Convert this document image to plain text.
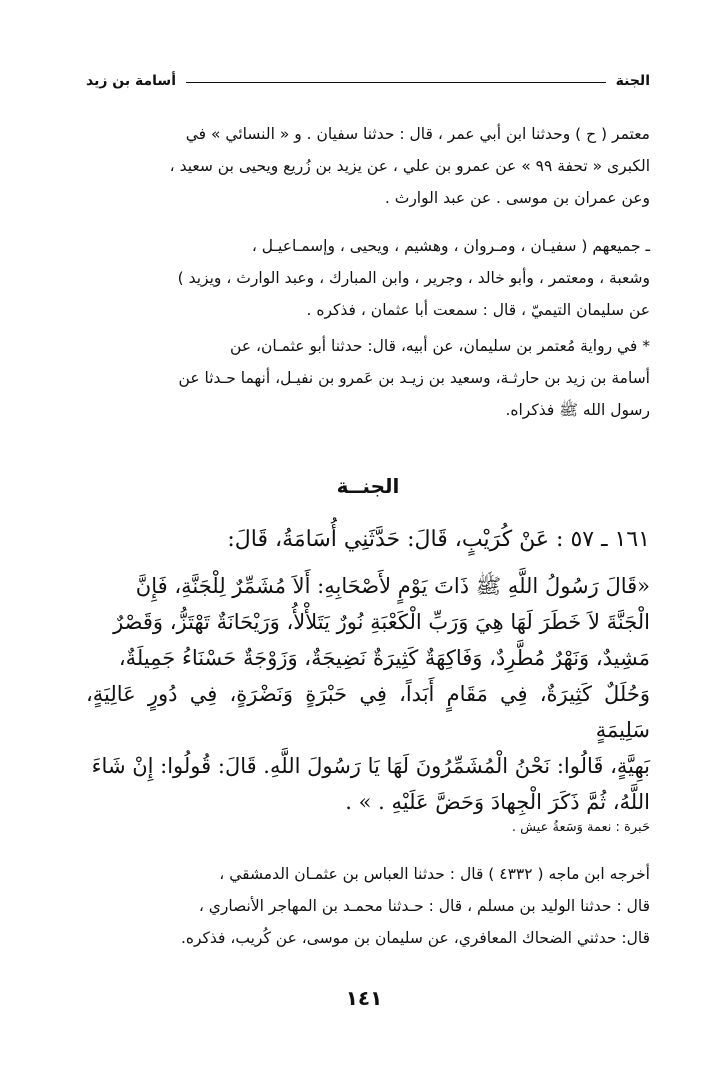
الجنة
أسامة بن زيد

معتمر ( ح ) وحدثنا ابن أبي عمر ، قال : حدثنا سفيان . و « النسائي » في

الكبرى « تحفة ٩٩ » عن عمرو بن علي ، عن يزيد بن زُريع ويحيى بن سعيد ،

وعن عمران بن موسى . عن عبد الوارث .

ـ جميعهم ( سفيـان ، ومـروان ، وهشيم ، ويحيى ، وإسمـاعيـل ،

وشعبة ، ومعتمر ، وأبو خالد ، وجرير ، وابن المبارك ، وعبد الوارث ، ويزيد )

عن سليمان التيميّ ، قال : سمعت أبا عثمان ، فذكره .

* في رواية مُعتمر بن سليمان، عن أبيه، قال: حدثنا أبو عثمـان، عن

أسامة بن زيد بن حارثـة، وسعيد بن زيـد بن عَمرو بن نفيـل، أنهما حـدثا عن

رسول الله ﷺ فذكراه.

الجنــة
١٦١ ـ ٥٧ : عَنْ كُرَيْبٍ، قَالَ: حَدَّثَنِي أُسَامَةُ، قَالَ:

«قَالَ رَسُولُ اللَّهِ ﷺ ذَاتَ يَوْمٍ لأَصْحَابِهِ: أَلاَ مُشَمِّرٌ لِلْجَنَّةِ، فَإِنَّ

الْجَنَّةَ لاَ خَطَرَ لَهَا هِيَ وَرَبِّ الْكَعْبَةِ نُورٌ يَتَلأْلأُ، وَرَيْحَانَةٌ تَهْتَزُّ، وَقَصْرٌ

مَشِيدٌ، وَنَهْرٌ مُطَّرِدٌ، وَفَاكِهَةٌ كَثِيرَةٌ نَضِيجَةٌ، وَزَوْجَةٌ حَسْنَاءُ جَمِيلَةٌ،

وَحُلَلٌ كَثِيرَةٌ، فِي مَقَامٍ أَبَداً، فِي حَبْرَةٍ وَنَضْرَةٍ، فِي دُورٍ عَالِيَةٍ، سَلِيمَةٍ

بَهِيَّةٍ، قَالُوا: نَحْنُ الْمُشَمِّرُونَ لَهَا يَا رَسُولَ اللَّهِ. قَالَ: قُولُوا: إِنْ شَاءَ

اللَّهُ، ثُمَّ ذَكَرَ الْجِهادَ وَحَضَّ عَلَيْهِ . » .

حَبرة : نعمة وَسَعةُ عيش .

أخرجه ابن ماجه ( ٤٣٣٢ ) قال : حدثنا العباس بن عثمـان الدمشقي ،

قال : حدثنا الوليد بن مسلم ، قال : حـدثنا محمـد بن المهاجر الأنصاري ،

قال: حدثني الضحاك المعافري، عن سليمان بن موسى، عن كُريب، فذكره.

١٤١
